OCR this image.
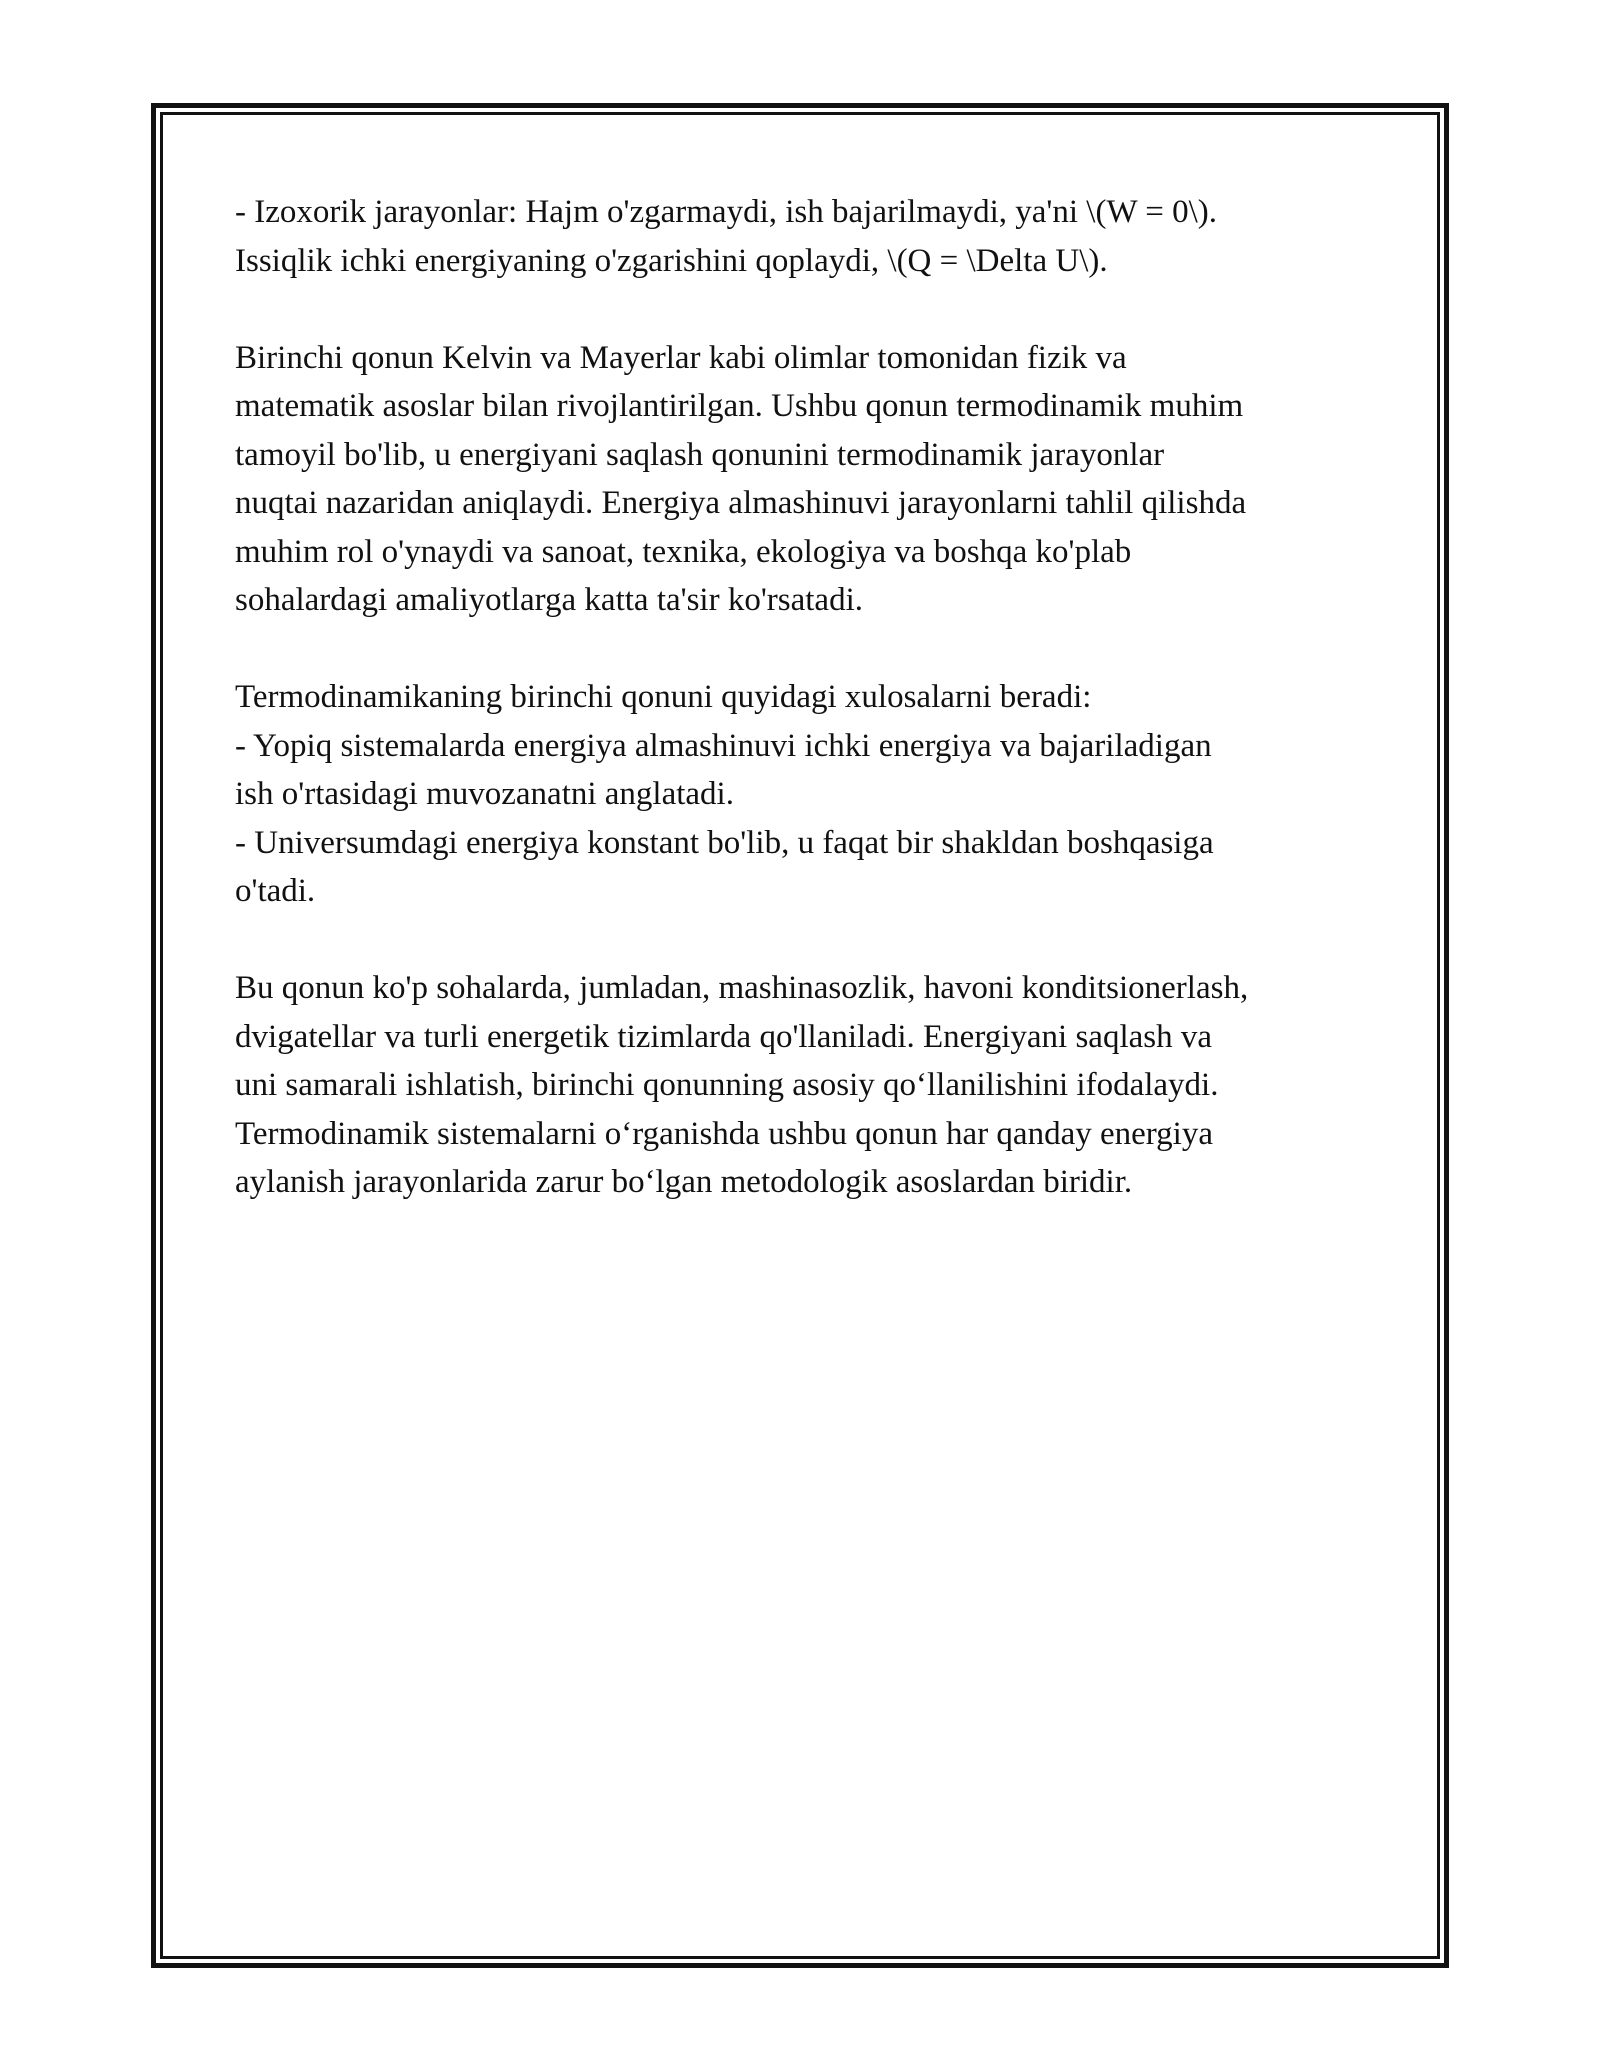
- Izoxorik jarayonlar: Hajm o'zgarmaydi, ish bajarilmaydi, ya'ni \(W = 0\).
Issiqlik ichki energiyaning o'zgarishini qoplaydi, \(Q = \Delta U\).

Birinchi qonun Kelvin va Mayerlar kabi olimlar tomonidan fizik va
matematik asoslar bilan rivojlantirilgan. Ushbu qonun termodinamik muhim
tamoyil bo'lib, u energiyani saqlash qonunini termodinamik jarayonlar
nuqtai nazaridan aniqlaydi. Energiya almashinuvi jarayonlarni tahlil qilishda
muhim rol o'ynaydi va sanoat, texnika, ekologiya va boshqa ko'plab
sohalardagi amaliyotlarga katta ta'sir ko'rsatadi.

Termodinamikaning birinchi qonuni quyidagi xulosalarni beradi:
- Yopiq sistemalarda energiya almashinuvi ichki energiya va bajariladigan
ish o'rtasidagi muvozanatni anglatadi.
- Universumdagi energiya konstant bo'lib, u faqat bir shakldan boshqasiga
o'tadi.

Bu qonun ko'p sohalarda, jumladan, mashinasozlik, havoni konditsionerlash,
dvigatellar va turli energetik tizimlarda qo'llaniladi. Energiyani saqlash va
uni samarali ishlatish, birinchi qonunning asosiy qo‘llanilishini ifodalaydi.
Termodinamik sistemalarni o‘rganishda ushbu qonun har qanday energiya
aylanish jarayonlarida zarur bo‘lgan metodologik asoslardan biridir.
